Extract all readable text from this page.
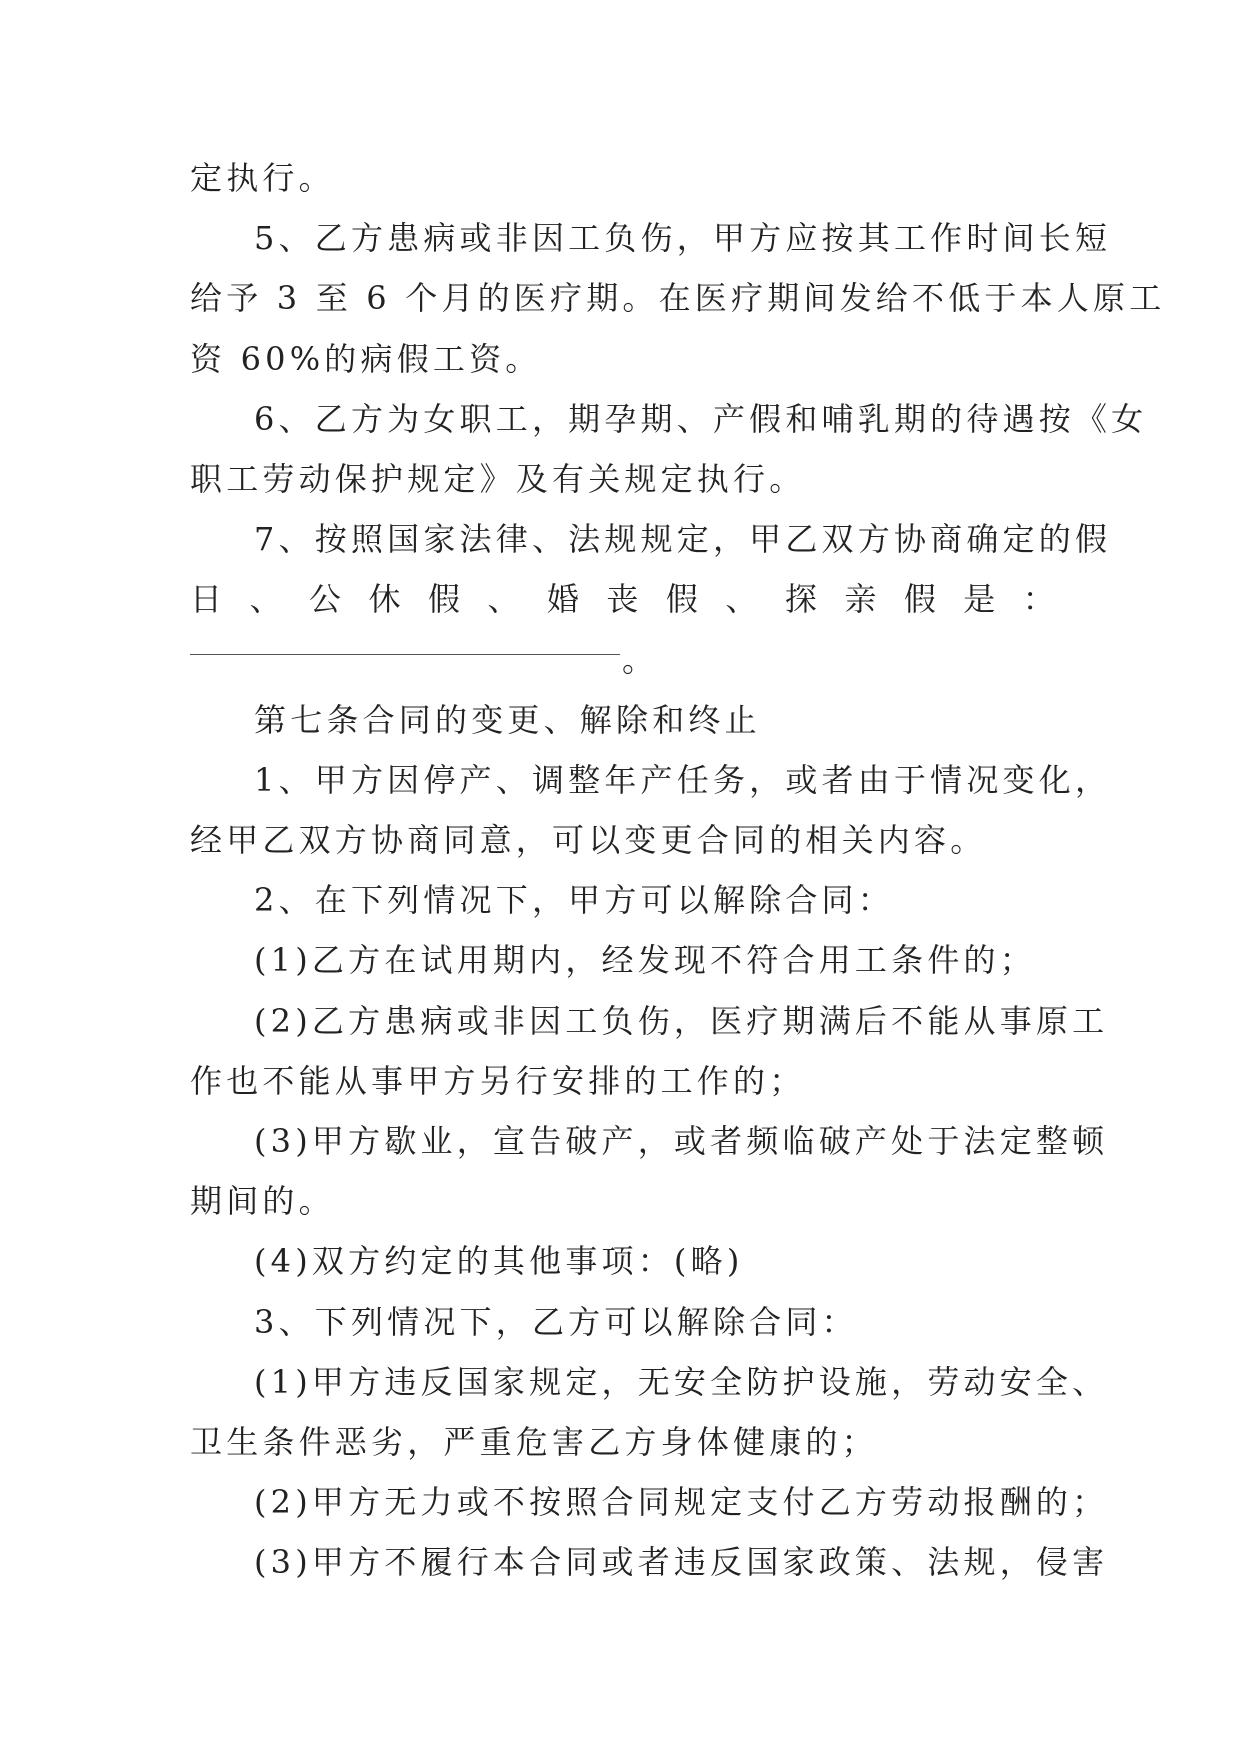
定执行。
5、乙方患病或非因工负伤，甲方应按其工作时间长短
给予 3 至 6 个月的医疗期。在医疗期间发给不低于本人原工
资 60%的病假工资。
6、乙方为女职工，期孕期、产假和哺乳期的待遇按《女
职工劳动保护规定》及有关规定执行。
7、按照国家法律、法规规定，甲乙双方协商确定的假
日 、 公 休 假 、 婚 丧 假 、 探 亲 假 是 ：
。
第七条合同的变更、解除和终止
1、甲方因停产、调整年产任务，或者由于情况变化，
经甲乙双方协商同意，可以变更合同的相关内容。
2、在下列情况下，甲方可以解除合同：
(1)乙方在试用期内，经发现不符合用工条件的；
(2)乙方患病或非因工负伤，医疗期满后不能从事原工
作也不能从事甲方另行安排的工作的；
(3)甲方歇业，宣告破产，或者频临破产处于法定整顿
期间的。
(4)双方约定的其他事项：(略)
3、下列情况下，乙方可以解除合同：
(1)甲方违反国家规定，无安全防护设施，劳动安全、
卫生条件恶劣，严重危害乙方身体健康的；
(2)甲方无力或不按照合同规定支付乙方劳动报酬的；
(3)甲方不履行本合同或者违反国家政策、法规，侵害
